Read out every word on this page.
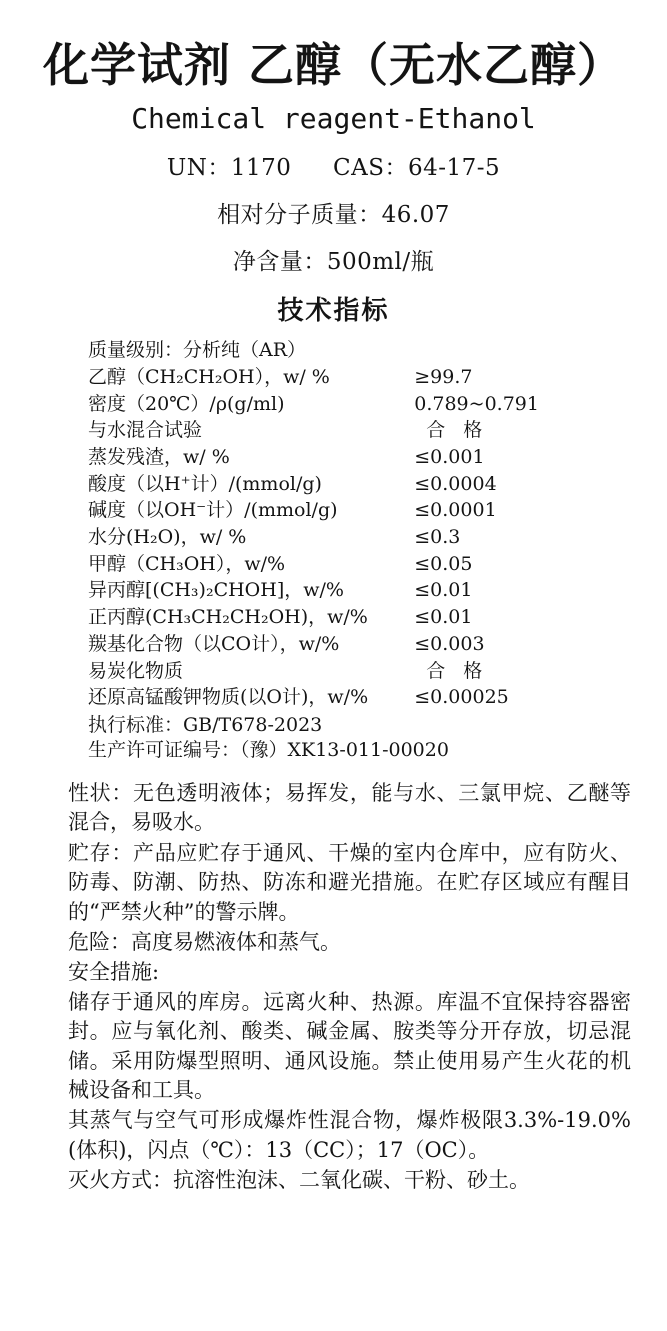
化学试剂 乙醇（无水乙醇）
Chemical reagent-Ethanol
UN：1170 CAS：64-17-5
相对分子质量：46.07
净含量：500ml/瓶
技术指标
质量级别：分析纯（AR）	
乙醇（CH₂CH₂OH），w/ %	≥99.7
密度（20℃）/ρ(g/ml)	0.789~0.791
与水混合试验	合 格
蒸发残渣，w/ %	≤0.001
酸度（以H⁺计）/(mmol/g)	≤0.0004
碱度（以OH⁻计）/(mmol/g)	≤0.0001
水分(H₂O)，w/ %	≤0.3
甲醇（CH₃OH），w/%	≤0.05
异丙醇[(CH₃)₂CHOH]，w/%	≤0.01
正丙醇(CH₃CH₂CH₂OH)，w/%	≤0.01
羰基化合物（以CO计），w/%	≤0.003
易炭化物质	合 格
还原高锰酸钾物质(以O计)，w/%	≤0.00025
执行标准：GB/T678-2023
生产许可证编号：（豫）XK13-011-00020

性状：无色透明液体；易挥发，能与水、三氯甲烷、乙醚等混合，易吸水。

贮存：产品应贮存于通风、干燥的室内仓库中，应有防火、防毒、防潮、防热、防冻和避光措施。在贮存区域应有醒目的“严禁火种”的警示牌。

危险：高度易燃液体和蒸气。

安全措施:

储存于通风的库房。远离火种、热源。库温不宜保持容器密封。应与氧化剂、酸类、碱金属、胺类等分开存放，切忌混储。采用防爆型照明、通风设施。禁止使用易产生火花的机械设备和工具。

其蒸气与空气可形成爆炸性混合物，爆炸极限3.3%-19.0%(体积)，闪点（℃）：13（CC）；17（OC）。

灭火方式：抗溶性泡沫、二氧化碳、干粉、砂土。
